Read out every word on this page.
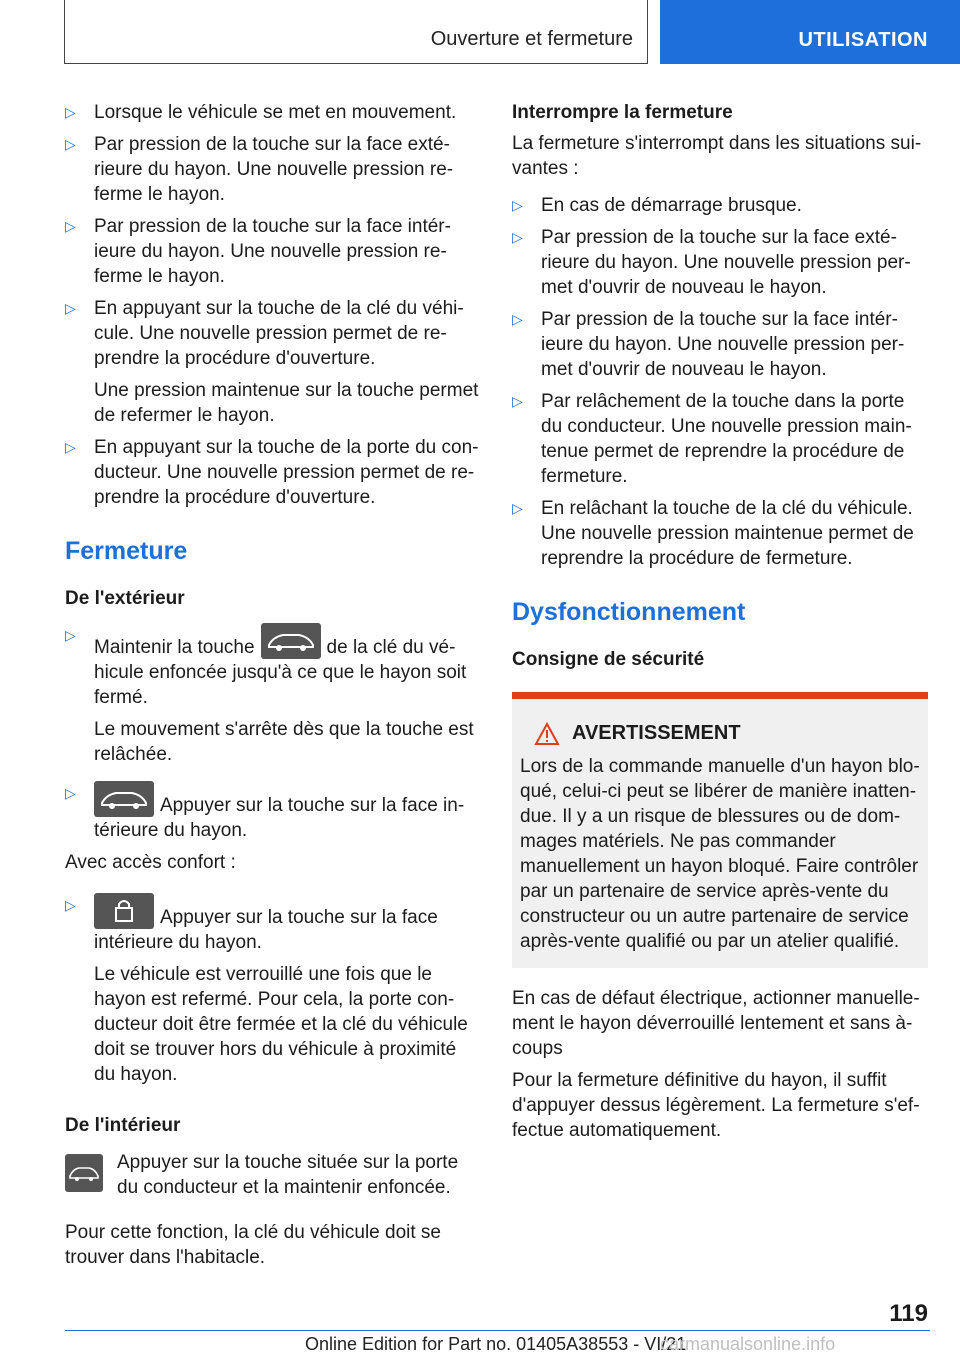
Ouverture et fermeture	UTILISATION
▷ Lorsque le véhicule se met en mouvement.
▷ Par pression de la touche sur la face extérieure du hayon. Une nouvelle pression referme le hayon.
▷ Par pression de la touche sur la face intérieure du hayon. Une nouvelle pression referme le hayon.
▷ En appuyant sur la touche de la clé du véhicule. Une nouvelle pression permet de reprendre la procédure d'ouverture.
Une pression maintenue sur la touche permet de refermer le hayon.
▷ En appuyant sur la touche de la porte du conducteur. Une nouvelle pression permet de reprendre la procédure d'ouverture.
Fermeture
De l'extérieur
▷
Maintenir la touche	de la clé du véhicule enfoncée jusqu'à ce que le hayon soit fermé.
Le mouvement s'arrête dès que la touche est relâchée.
▷
Appuyer sur la touche sur la face intérieure du hayon.
Avec accès confort :
▷
Appuyer sur la touche sur la face intérieure du hayon.
Le véhicule est verrouillé une fois que le hayon est refermé. Pour cela, la porte conducteur doit être fermée et la clé du véhicule doit se trouver hors du véhicule à proximité du hayon.
De l'intérieur
Appuyer sur la touche située sur la porte du conducteur et la maintenir enfoncée.
Pour cette fonction, la clé du véhicule doit se trouver dans l'habitacle.
Interrompre la fermeture
La fermeture s'interrompt dans les situations suivantes :
▷ En cas de démarrage brusque.
▷ Par pression de la touche sur la face extérieure du hayon. Une nouvelle pression permet d'ouvrir de nouveau le hayon.
▷ Par pression de la touche sur la face intérieure du hayon. Une nouvelle pression permet d'ouvrir de nouveau le hayon.
▷ Par relâchement de la touche dans la porte du conducteur. Une nouvelle pression maintenue permet de reprendre la procédure de fermeture.
▷ En relâchant la touche de la clé du véhicule. Une nouvelle pression maintenue permet de reprendre la procédure de fermeture.
Dysfonctionnement
Consigne de sécurité
AVERTISSEMENT
Lors de la commande manuelle d'un hayon bloqué, celui-ci peut se libérer de manière inattendue. Il y a un risque de blessures ou de dommages matériels. Ne pas commander manuellement un hayon bloqué. Faire contrôler par un partenaire de service après-vente du constructeur ou un autre partenaire de service après-vente qualifié ou par un atelier qualifié.
En cas de défaut électrique, actionner manuellement le hayon déverrouillé lentement et sans à-coups
Pour la fermeture définitive du hayon, il suffit d'appuyer dessus légèrement. La fermeture s'effectue automatiquement.
119
Online Edition for Part no. 01405A38553 - VI/21
carmanualsonline.info
